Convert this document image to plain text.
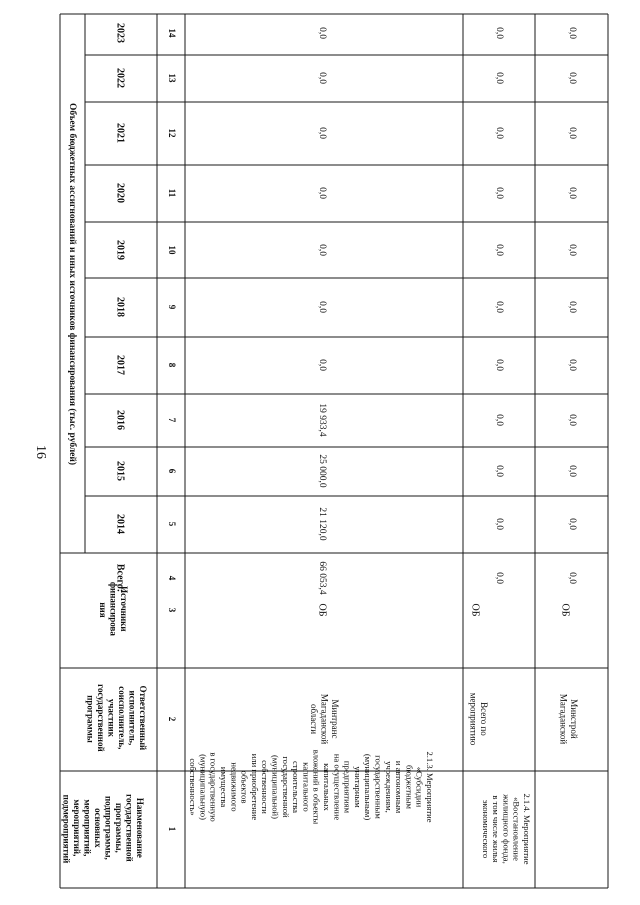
16
Наименование государственной программы, подпрограммы, основных мероприятий, мероприятий, подмероприятий
Ответственный исполнитель, соисполнитель, участник государственной программы
Источники финансирова ния
Объем бюджетных ассигнований и иных источников финансирования (тыс. рублей)
Всего:
2014
2015
2016
2017
2018
2019
2020
2021
2022
2023
1
2
3
4
5
6
7
8
9
10
11
12
13
14
2.1.3. Мероприятие«Субсидиибюджетными автономнымучреждениям,государственным(муниципальным)унитарнымпредприятиямна осуществлениекапитальныхвложений в объектыкапитальногостроительствагосударственной(муниципальной)собственностиили приобретениеобъектовнедвижимогоимуществав государственную(муниципальную)собственность»
МинтрансМагаданскойобласти
ОБ
2.1.4. Мероприятие«Восстановлениежилищного фонда,в том числе жильяэкономического
Всего помероприятию
ОБ
МинстройМагаданской
ОБ
66 053,4
21 120,0
25 000,0
19 933,4
0,0
0,0
0,0
0,0
0,0
0,0
0,0
0,0
0,0
0,0
0,0
0,0
0,0
0,0
0,0
0,0
0,0
0,0
0,0
0,0
0,0
0,0
0,0
0,0
0,0
0,0
0,0
0,0
0,0
